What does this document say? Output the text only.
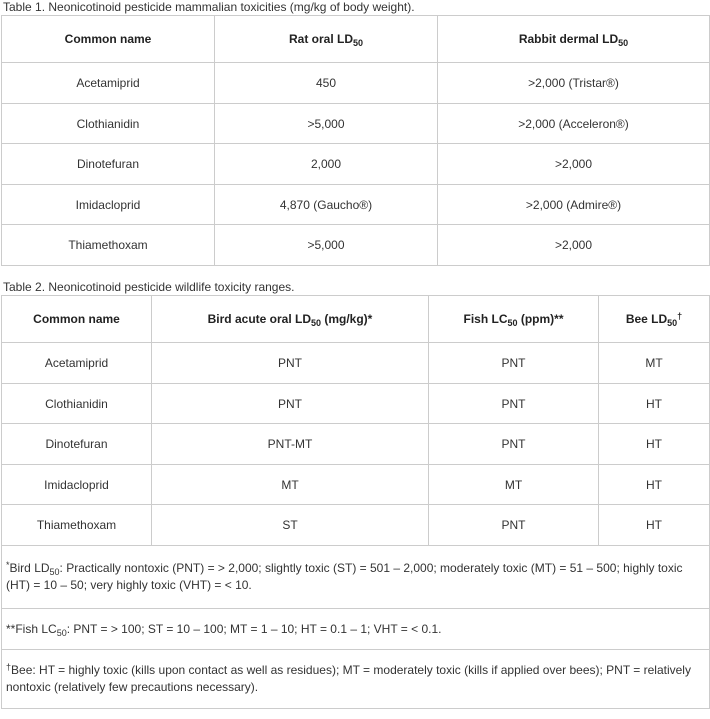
Table 1. Neonicotinoid pesticide mammalian toxicities (mg/kg of body weight).
Common name	Rat oral $LD_{50}$	Rabbit dermal $LD_{50}$
Acetamiprid	450	>2,000 (Tristar®)
Clothianidin	>5,000	>2,000 (Acceleron®)
Dinotefuran	2,000	>2,000
Imidacloprid	4,870 (Gaucho®)	>2,000 (Admire®)
Thiamethoxam	>5,000	>2,000
Table 2. Neonicotinoid pesticide wildlife toxicity ranges.
Common name	Bird acute oral $LD_{50}$ (mg/kg)*	Fish $LC_{50}$ (ppm)**	Bee $LD_{50}^\dagger$
Acetamiprid	PNT	PNT	MT
Clothianidin	PNT	PNT	HT
Dinotefuran	PNT-MT	PNT	HT
Imidacloprid	MT	MT	HT
Thiamethoxam	ST	PNT	HT
*Bird $LD_{50}$: Practically nontoxic (PNT) = > 2,000; slightly toxic (ST) = 501 – 2,000; moderately toxic (MT) = 51 – 500; highly toxic (HT) = 10 – 50; very highly toxic (VHT) = < 10.			
**Fish $LC_{50}$: PNT = > 100; ST = 10 – 100; MT = 1 – 10; HT = 0.1 – 1; VHT = < 0.1.			
†Bee: HT = highly toxic (kills upon contact as well as residues); MT = moderately toxic (kills if applied over bees); PNT = relatively nontoxic (relatively few precautions necessary).			
